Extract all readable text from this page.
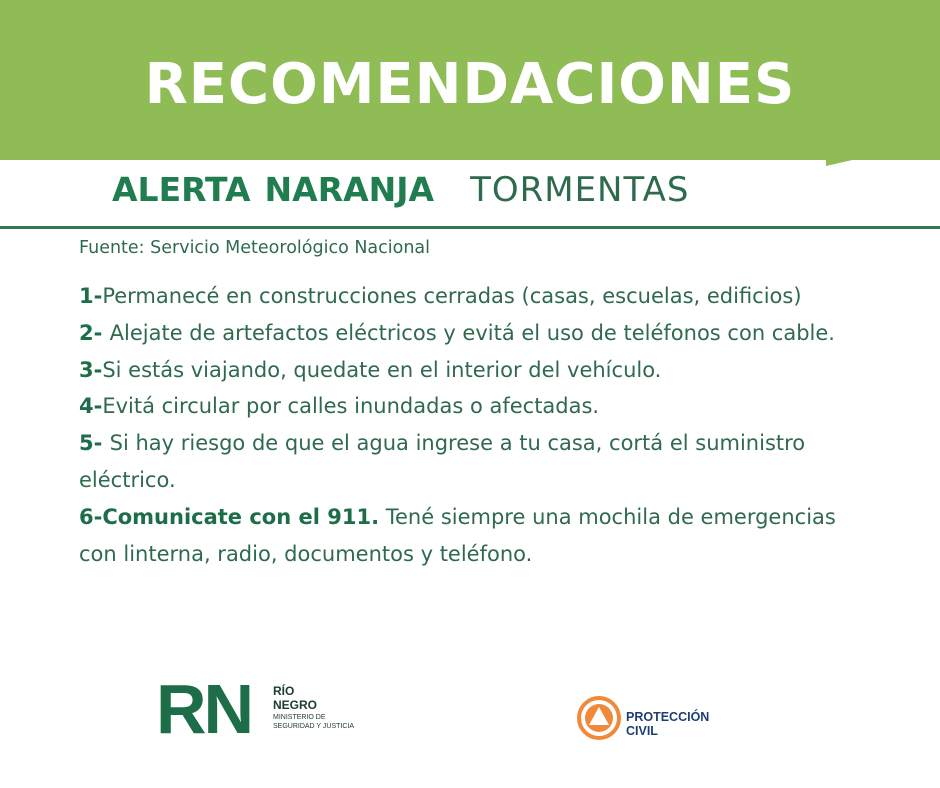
RECOMENDACIONES
ALERTA NARANJA TORMENTAS
Fuente: Servicio Meteorológico Nacional
1-Permanecé en construcciones cerradas (casas, escuelas, edificios)
2- Alejate de artefactos eléctricos y evitá el uso de teléfonos con cable.
3-Si estás viajando, quedate en el interior del vehículo.
4-Evitá circular por calles inundadas o afectadas.
5- Si hay riesgo de que el agua ingrese a tu casa, cortá el suministro eléctrico.
6-Comunicate con el 911. Tené siempre una mochila de emergencias con linterna, radio, documentos y teléfono.
RN RÍO
NEGRO
MINISTERIO DE
SEGURIDAD Y JUSTICIA
PROTECCIÓN
CIVIL
